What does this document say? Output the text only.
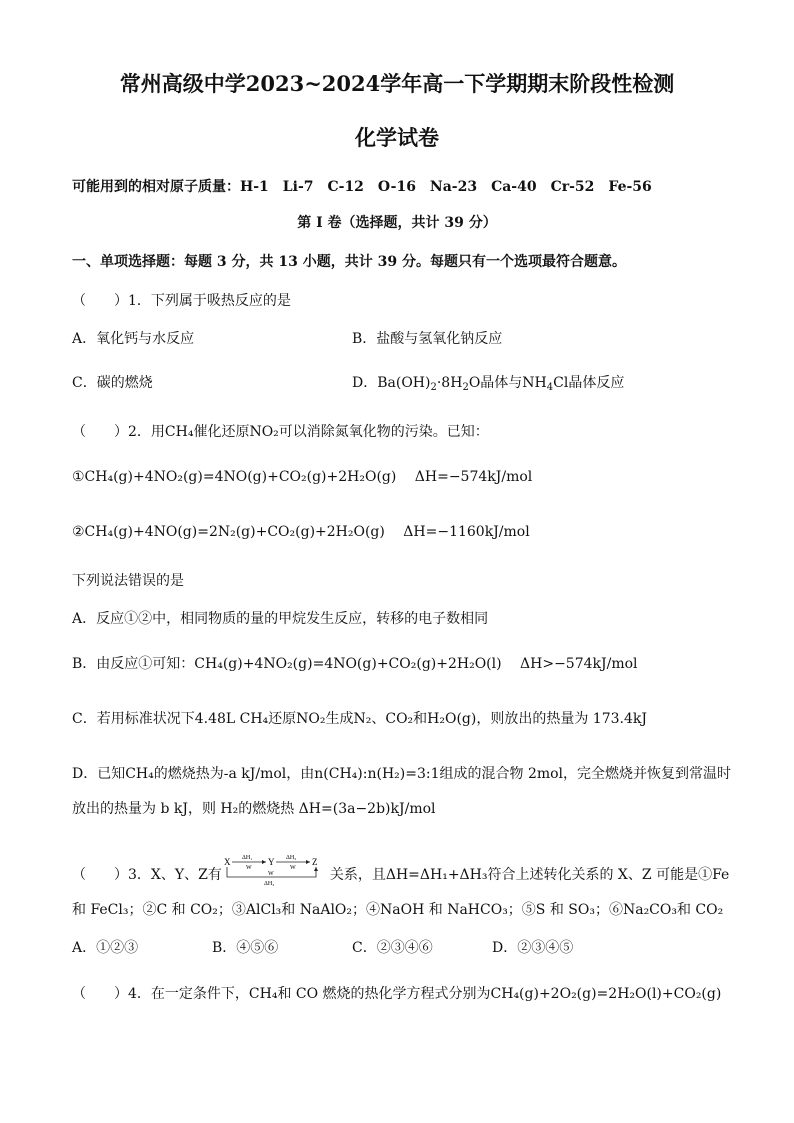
常州高级中学2023~2024学年高一下学期期末阶段性检测
化学试卷
可能用到的相对原子质量：H-1　Li-7　C-12　O-16　Na-23　Ca-40　Cr-52　Fe-56
第 I 卷（选择题，共计 39 分）
一、单项选择题：每题 3 分，共 13 小题，共计 39 分。每题只有一个选项最符合题意。
（　　）1．下列属于吸热反应的是
A．氧化钙与水反应	B．盐酸与氢氧化钠反应
C．碳的燃烧	D．$Ba(OH)_2\cdot 8H_2O$晶体与$NH_4Cl$晶体反应
（　　）2．用CH₄催化还原NO₂可以消除氮氧化物的污染。已知：
①CH₄(g)+4NO₂(g)=4NO(g)+CO₂(g)+2H₂O(g)　 ΔH=−574kJ/mol
②CH₄(g)+4NO(g)=2N₂(g)+CO₂(g)+2H₂O(g)　 ΔH=−1160kJ/mol
下列说法错误的是
A．反应①②中，相同物质的量的甲烷发生反应，转移的电子数相同
B．由反应①可知：CH₄(g)+4NO₂(g)=4NO(g)+CO₂(g)+2H₂O(l)　 ΔH>−574kJ/mol
C．若用标准状况下4.48L CH₄还原NO₂生成N₂、CO₂和H₂O(g)，则放出的热量为 173.4kJ
D．已知CH₄的燃烧热为-a kJ/mol，由n(CH₄):n(H₂)=3:1组成的混合物 2mol，完全燃烧并恢复到常温时
放出的热量为 b kJ，则 H₂的燃烧热 ΔH=(3a−2b)kJ/mol
（　　）3．X、Y、Z有
X ΔH₁
W
Y ΔH₂
W
Z
W
ΔH₃
关系，且ΔH=ΔH₁+ΔH₃符合上述转化关系的 X、Z 可能是①Fe
和 FeCl₃；②C 和 CO₂；③AlCl₃和 NaAlO₂；④NaOH 和 NaHCO₃；⑤S 和 SO₃；⑥Na₂CO₃和 CO₂
A．①②③	B．④⑤⑥	C．②③④⑥	D．②③④⑤
（　　）4．在一定条件下，CH₄和 CO 燃烧的热化学方程式分别为CH₄(g)+2O₂(g)=2H₂O(l)+CO₂(g)
